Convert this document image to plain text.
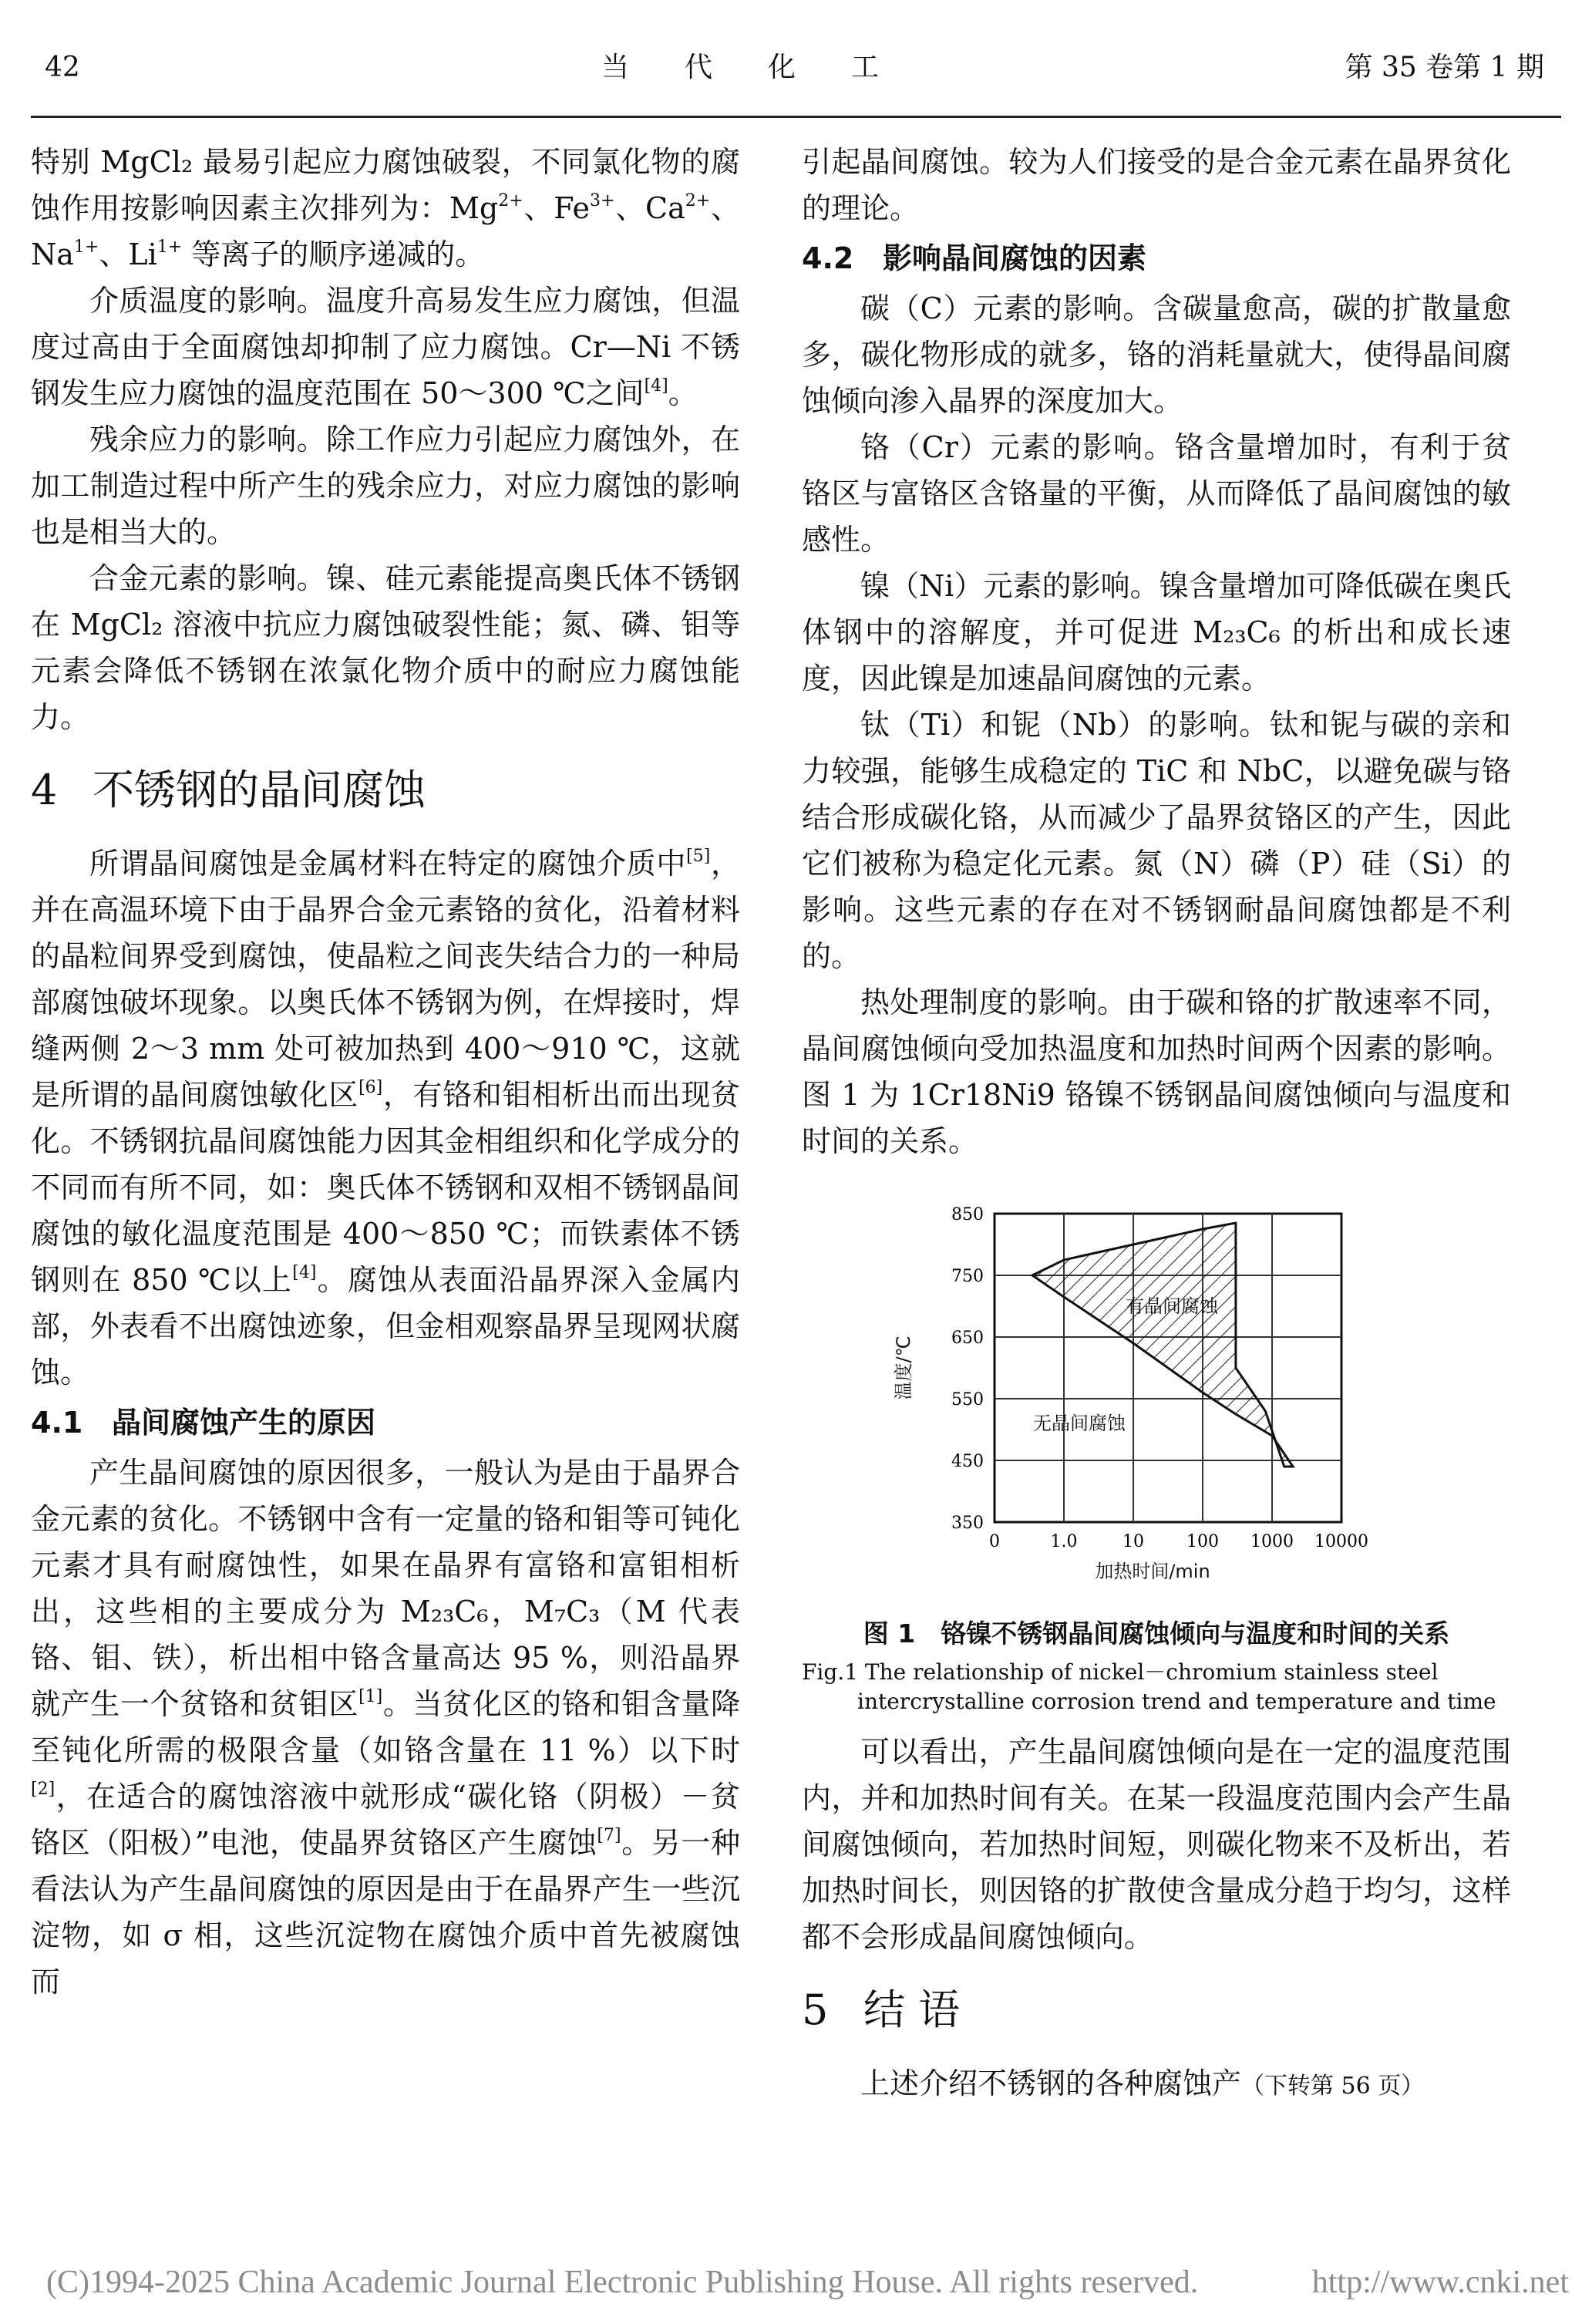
42	当代化工	第 35 卷第 1 期

特别 MgCl₂ 最易引起应力腐蚀破裂，不同氯化物的腐蚀作用按影响因素主次排列为：$Mg^{2+}$、$Fe^{3+}$、$Ca^{2+}$、$Na^{1+}$、$Li^{1+}$ 等离子的顺序递减的。

介质温度的影响。温度升高易发生应力腐蚀，但温度过高由于全面腐蚀却抑制了应力腐蚀。Cr—Ni 不锈钢发生应力腐蚀的温度范围在 50～300 ℃之间[4]。

残余应力的影响。除工作应力引起应力腐蚀外，在加工制造过程中所产生的残余应力，对应力腐蚀的影响也是相当大的。

合金元素的影响。镍、硅元素能提高奥氏体不锈钢在 MgCl₂ 溶液中抗应力腐蚀破裂性能；氮、磷、钼等元素会降低不锈钢在浓氯化物介质中的耐应力腐蚀能力。

4 不锈钢的晶间腐蚀

所谓晶间腐蚀是金属材料在特定的腐蚀介质中[5]，并在高温环境下由于晶界合金元素铬的贫化，沿着材料的晶粒间界受到腐蚀，使晶粒之间丧失结合力的一种局部腐蚀破坏现象。以奥氏体不锈钢为例，在焊接时，焊缝两侧 2～3 mm 处可被加热到 400～910 ℃，这就是所谓的晶间腐蚀敏化区[6]，有铬和钼相析出而出现贫化。不锈钢抗晶间腐蚀能力因其金相组织和化学成分的不同而有所不同，如：奥氏体不锈钢和双相不锈钢晶间腐蚀的敏化温度范围是 400～850 ℃；而铁素体不锈钢则在 850 ℃以上[4]。腐蚀从表面沿晶界深入金属内部，外表看不出腐蚀迹象，但金相观察晶界呈现网状腐蚀。

4.1 晶间腐蚀产生的原因

产生晶间腐蚀的原因很多，一般认为是由于晶界合金元素的贫化。不锈钢中含有一定量的铬和钼等可钝化元素才具有耐腐蚀性，如果在晶界有富铬和富钼相析出，这些相的主要成分为 M₂₃C₆，M₇C₃（M 代表铬、钼、铁），析出相中铬含量高达 95 %，则沿晶界就产生一个贫铬和贫钼区[1]。当贫化区的铬和钼含量降至钝化所需的极限含量（如铬含量在 11 %）以下时[2]，在适合的腐蚀溶液中就形成“碳化铬（阴极）－贫铬区（阳极）”电池，使晶界贫铬区产生腐蚀[7]。另一种看法认为产生晶间腐蚀的原因是由于在晶界产生一些沉淀物，如 σ 相，这些沉淀物在腐蚀介质中首先被腐蚀而

引起晶间腐蚀。较为人们接受的是合金元素在晶界贫化的理论。

4.2 影响晶间腐蚀的因素

碳（C）元素的影响。含碳量愈高，碳的扩散量愈多，碳化物形成的就多，铬的消耗量就大，使得晶间腐蚀倾向渗入晶界的深度加大。

铬（Cr）元素的影响。铬含量增加时，有利于贫铬区与富铬区含铬量的平衡，从而降低了晶间腐蚀的敏感性。

镍（Ni）元素的影响。镍含量增加可降低碳在奥氏体钢中的溶解度，并可促进 M₂₃C₆ 的析出和成长速度，因此镍是加速晶间腐蚀的元素。

钛（Ti）和铌（Nb）的影响。钛和铌与碳的亲和力较强，能够生成稳定的 TiC 和 NbC，以避免碳与铬结合形成碳化铬，从而减少了晶界贫铬区的产生，因此它们被称为稳定化元素。氮（N）磷（P）硅（Si）的影响。这些元素的存在对不锈钢耐晶间腐蚀都是不利的。

热处理制度的影响。由于碳和铬的扩散速率不同，晶间腐蚀倾向受加热温度和加热时间两个因素的影响。图 1 为 1Cr18Ni9 铬镍不锈钢晶间腐蚀倾向与温度和时间的关系。

0	1.0	10	100 1000 10000
350
450
550
650
750
850
有晶间腐蚀
无晶间腐蚀
加热时间/min
温度/℃

图 1　铬镍不锈钢晶间腐蚀倾向与温度和时间的关系

Fig.1 The relationship of nickel－chromium stainless steel intercrystalline corrosion trend and temperature and time

可以看出，产生晶间腐蚀倾向是在一定的温度范围内，并和加热时间有关。在某一段温度范围内会产生晶间腐蚀倾向，若加热时间短，则碳化物来不及析出，若加热时间长，则因铬的扩散使含量成分趋于均匀，这样都不会形成晶间腐蚀倾向。

5 结 语

上述介绍不锈钢的各种腐蚀产（下转第 56 页）

(C)1994-2025 China Academic Journal Electronic Publishing House. All rights reserved.	http://www.cnki.net
